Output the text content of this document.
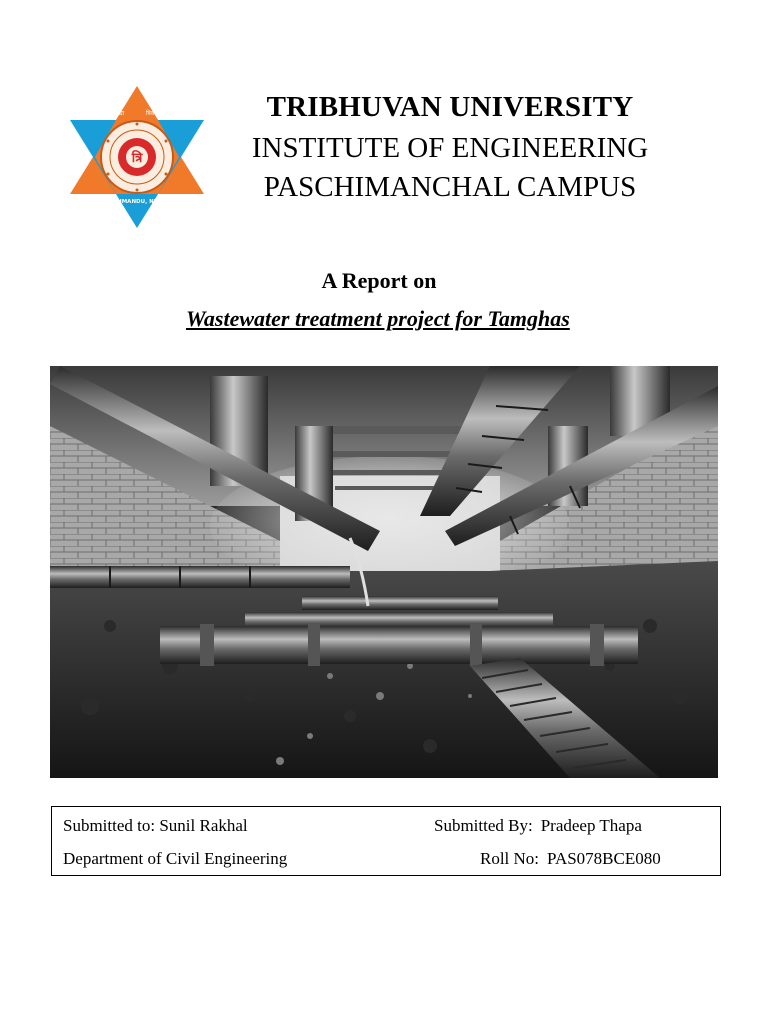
त्रि
विद्या	विवेक
KATHMANDU, NEPAL
TRIBHUVAN UNIVERSITY
INSTITUTE OF ENGINEERING
PASCHIMANCHAL CAMPUS
A Report on
Wastewater treatment project for Tamghas
Submitted to: Sunil Rakhal
Department of Civil Engineering
Submitted By: Pradeep Thapa
Roll No: PAS078BCE080
